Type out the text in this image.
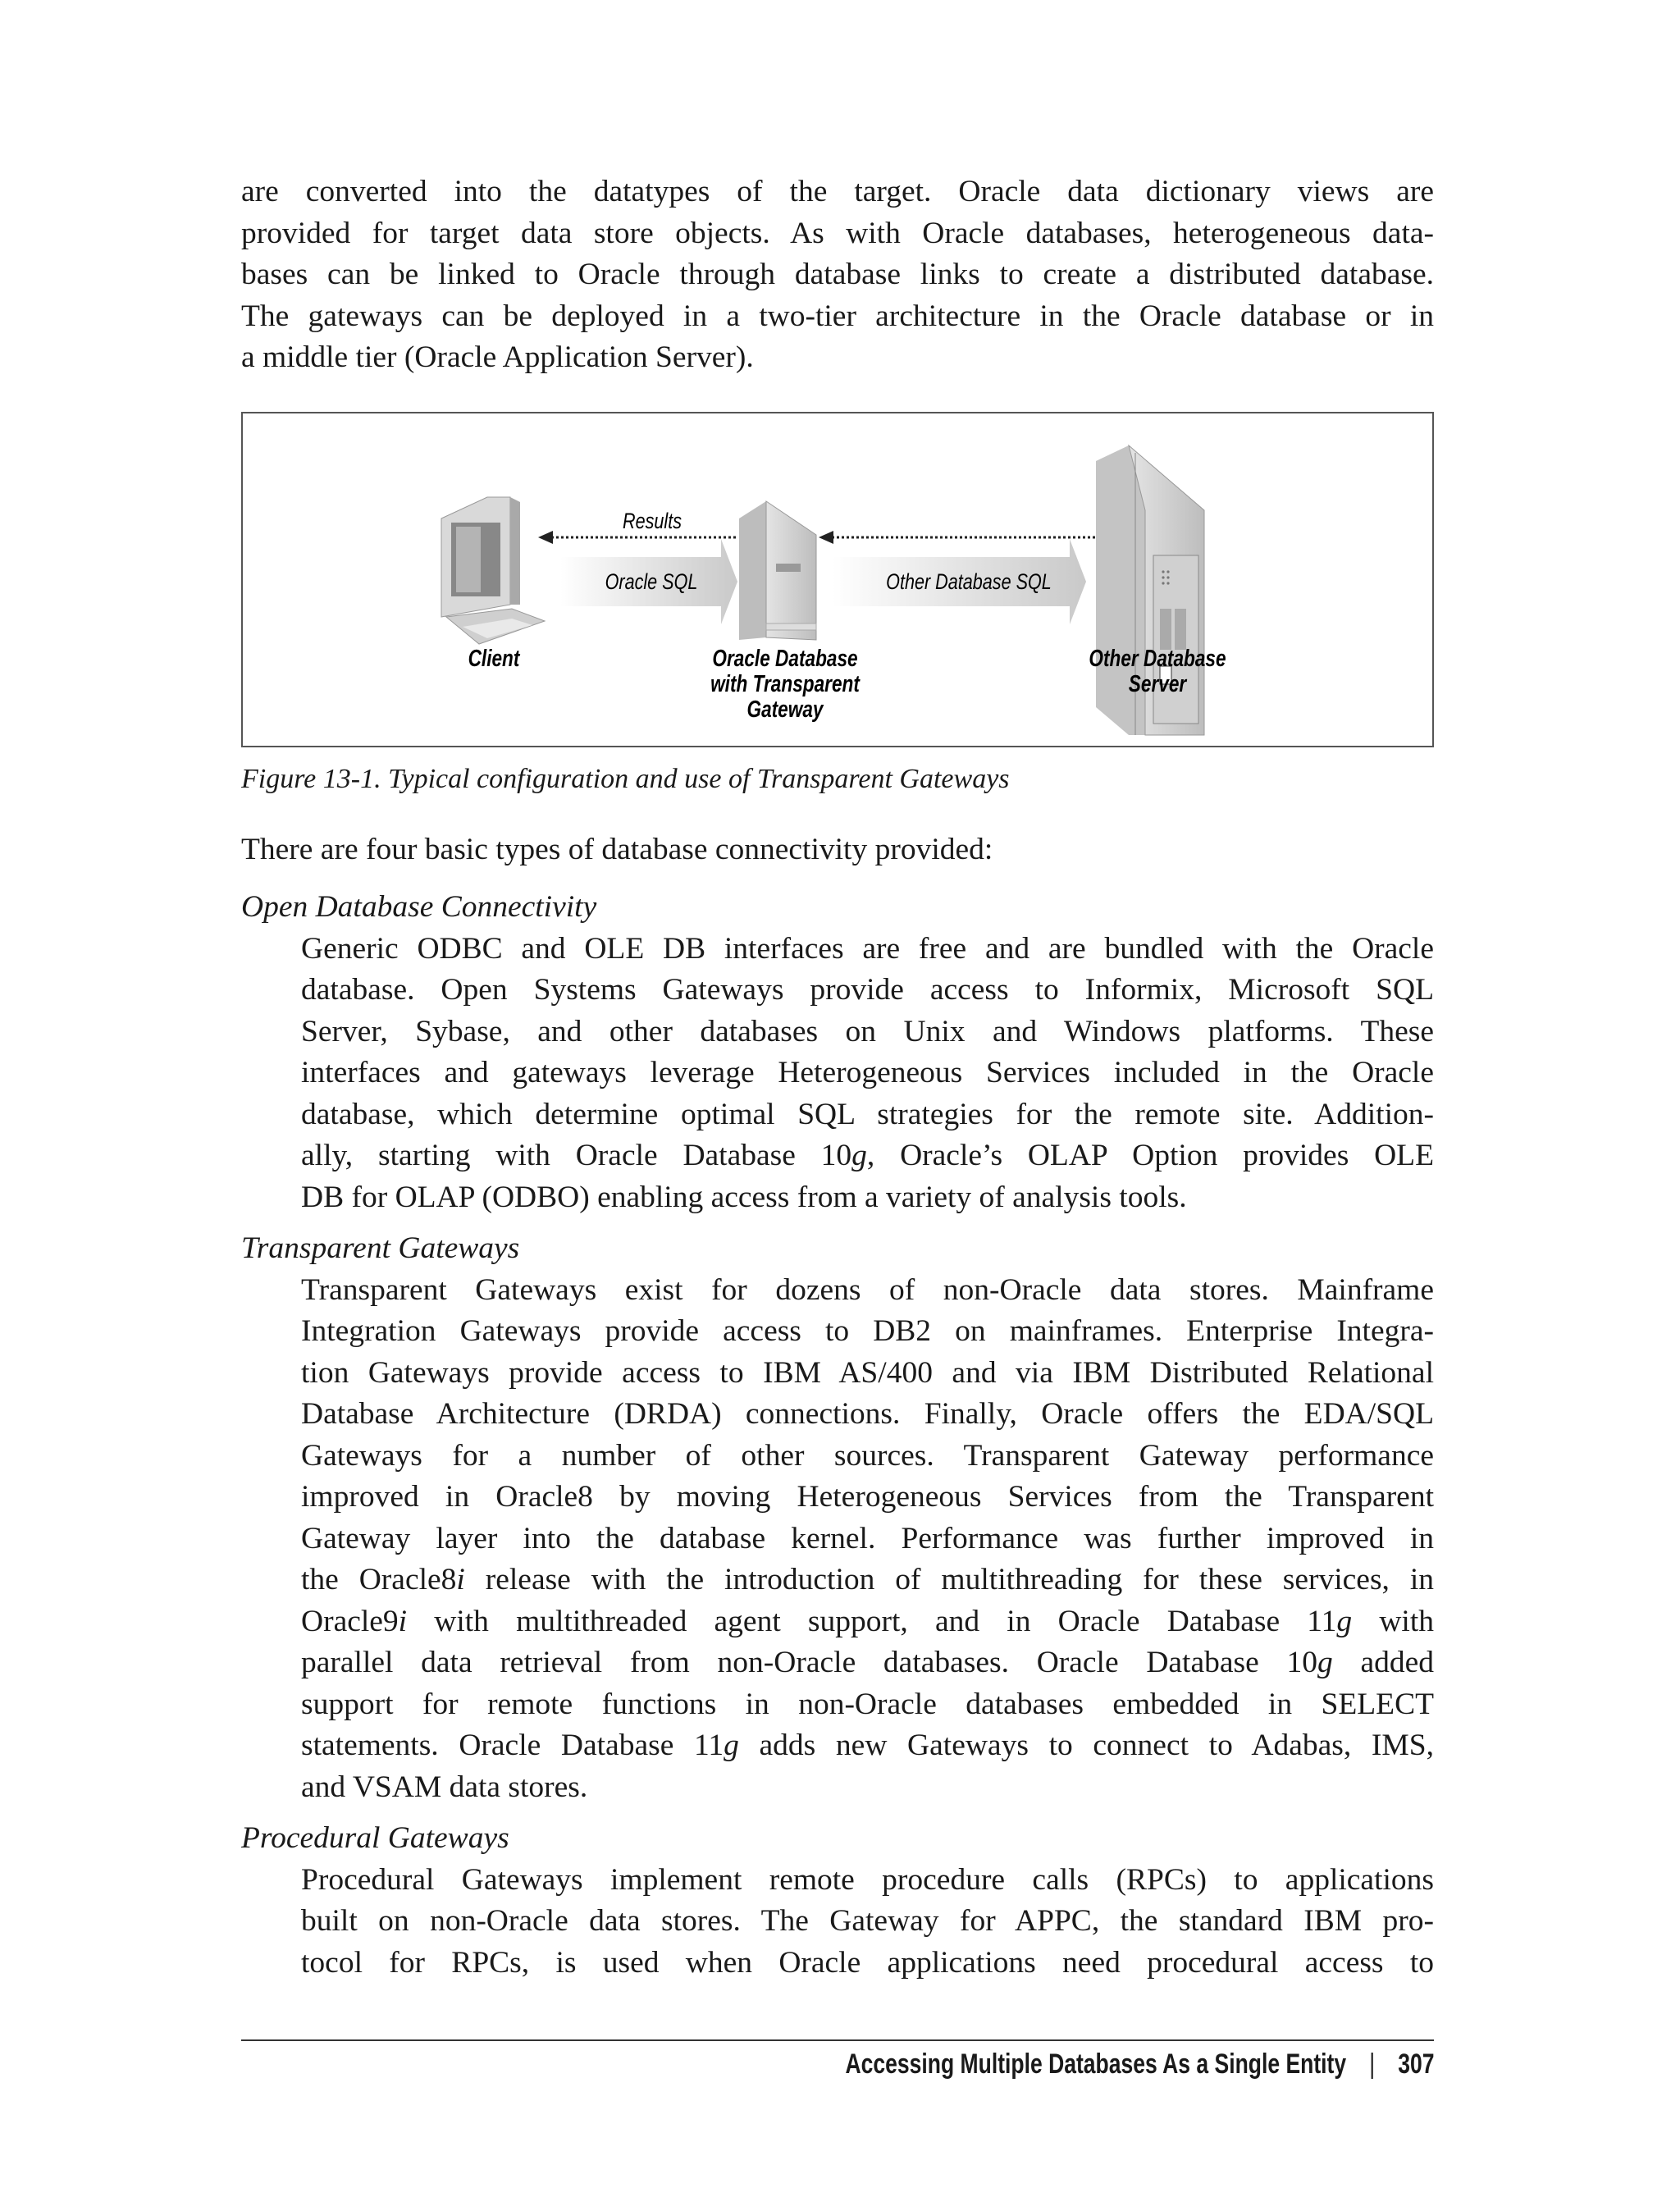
are converted into the datatypes of the target. Oracle data dictionary views are
provided for target data store objects. As with Oracle databases, heterogeneous data-
bases can be linked to Oracle through database links to create a distributed database.
The gateways can be deployed in a two-tier architecture in the Oracle database or in
a middle tier (Oracle Application Server).
Results
Oracle SQL	Other Database SQL
Client	Oracle Database
with Transparent
Gateway
Other Database
Server
Figure 13-1. Typical configuration and use of Transparent Gateways
There are four basic types of database connectivity provided:
Open Database Connectivity
Generic ODBC and OLE DB interfaces are free and are bundled with the Oracle
database. Open Systems Gateways provide access to Informix, Microsoft SQL
Server, Sybase, and other databases on Unix and Windows platforms. These
interfaces and gateways leverage Heterogeneous Services included in the Oracle
database, which determine optimal SQL strategies for the remote site. Addition-
ally, starting with Oracle Database 10g, Oracle’s OLAP Option provides OLE
DB for OLAP (ODBO) enabling access from a variety of analysis tools.
Transparent Gateways
Transparent Gateways exist for dozens of non-Oracle data stores. Mainframe
Integration Gateways provide access to DB2 on mainframes. Enterprise Integra-
tion Gateways provide access to IBM AS/400 and via IBM Distributed Relational
Database Architecture (DRDA) connections. Finally, Oracle offers the EDA/SQL
Gateways for a number of other sources. Transparent Gateway performance
improved in Oracle8 by moving Heterogeneous Services from the Transparent
Gateway layer into the database kernel. Performance was further improved in
the Oracle8i release with the introduction of multithreading for these services, in
Oracle9i with multithreaded agent support, and in Oracle Database 11g with
parallel data retrieval from non-Oracle databases. Oracle Database 10g added
support for remote functions in non-Oracle databases embedded in SELECT
statements. Oracle Database 11g adds new Gateways to connect to Adabas, IMS,
and VSAM data stores.
Procedural Gateways
Procedural Gateways implement remote procedure calls (RPCs) to applications
built on non-Oracle data stores. The Gateway for APPC, the standard IBM pro-
tocol for RPCs, is used when Oracle applications need procedural access to
Accessing Multiple Databases As a Single Entity | 307
